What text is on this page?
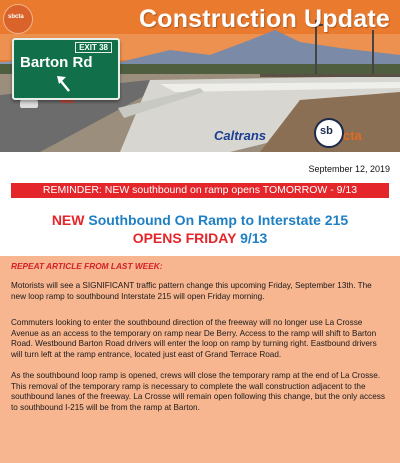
sbcta	Construction Update
EXIT 38
Barton Rd
Caltrans	sb cta
September 12, 2019
REMINDER: NEW southbound on ramp opens TOMORROW - 9/13
NEW Southbound On Ramp to Interstate 215
OPENS FRIDAY 9/13
REPEAT ARTICLE FROM LAST WEEK:

Motorists will see a SIGNIFICANT traffic pattern change this upcoming Friday, September 13th. The new loop ramp to southbound Interstate 215 will open Friday morning.

Commuters looking to enter the southbound direction of the freeway will no longer use La Crosse Avenue as an access to the temporary on ramp near De Berry. Access to the ramp will shift to Barton Road. Westbound Barton Road drivers will enter the loop on ramp by turning right. Eastbound drivers will turn left at the ramp entrance, located just east of Grand Terrace Road.

As the southbound loop ramp is opened, crews will close the temporary ramp at the end of La Crosse. This removal of the temporary ramp is necessary to complete the wall construction adjacent to the southbound lanes of the freeway. La Crosse will remain open following this change, but the only access to southbound I-215 will be from the ramp at Barton.
